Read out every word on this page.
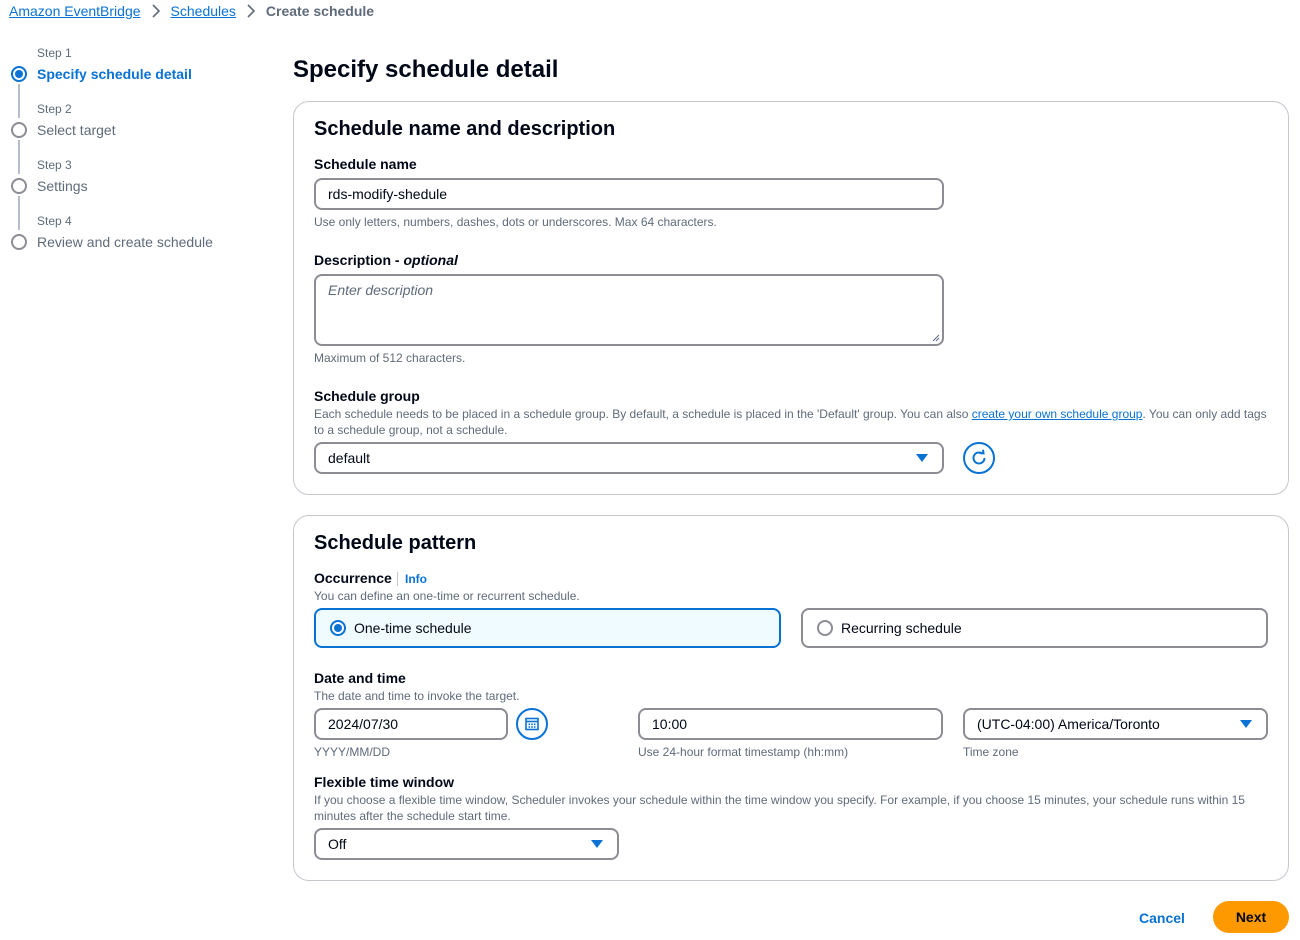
Amazon EventBridge Schedules Create schedule
Step 1
Specify schedule detail
Step 2
Select target
Step 3
Settings
Step 4
Review and create schedule
Specify schedule detail
Schedule name and description
Schedule name
rds-modify-shedule
Use only letters, numbers, dashes, dots or underscores. Max 64 characters.
Description - optional
Enter description
Maximum of 512 characters.
Schedule group
Each schedule needs to be placed in a schedule group. By default, a schedule is placed in the 'Default' group. You can also create your own schedule group. You can only add tags to a schedule group, not a schedule.
default
Schedule pattern
Occurrence Info
You can define an one-time or recurrent schedule.
One-time schedule	Recurring schedule
Date and time
The date and time to invoke the target.
2024/07/30
YYYY/MM/DD
10:00
Use 24-hour format timestamp (hh:mm)
(UTC-04:00) America/Toronto
Time zone
Flexible time window
If you choose a flexible time window, Scheduler invokes your schedule within the time window you specify. For example, if you choose 15 minutes, your schedule runs within 15 minutes after the schedule start time.
Off
Cancel	Next
